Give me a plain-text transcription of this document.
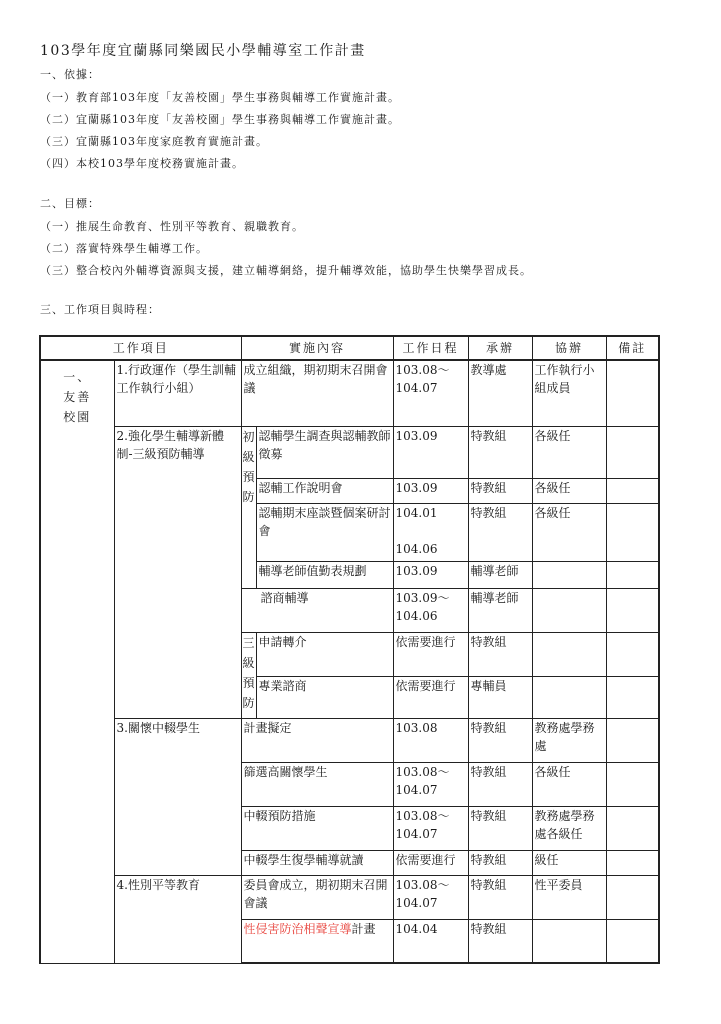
103學年度宜蘭縣同樂國民小學輔導室工作計畫
一、依據：
（一）教育部103年度「友善校園」學生事務與輔導工作實施計畫。
（二）宜蘭縣103年度「友善校園」學生事務與輔導工作實施計畫。
（三）宜蘭縣103年度家庭教育實施計畫。
（四）本校103學年度校務實施計畫。
二、目標：
（一）推展生命教育、性別平等教育、親職教育。
（二）落實特殊學生輔導工作。
（三）整合校內外輔導資源與支援，建立輔導網絡，提升輔導效能，協助學生快樂學習成長。
三、工作項目與時程：
工作項目		實施內容		工作日程	承辦	協辦	備註
一、
友善
校園	1.行政運作（學生訓輔工作執行小組）	成立組織，期初期末召開會議		103.08～
104.07	教導處	工作執行小組成員	
	2.強化學生輔導新體制-三級預防輔導	初
級
預
防	認輔學生調查與認輔教師徵募	103.09	特教組	各級任	
			認輔工作說明會	103.09	特教組	各級任	
			認輔期末座談暨個案研討會	104.01

104.06	特教組	各級任	
			輔導老師值勤表規劃	103.09	輔導老師		
		諮商輔導		103.09～
104.06	輔導老師		
		三
級
預
防	申請轉介	依需要進行	特教組		
			專業諮商	依需要進行	專輔員		
	3.關懷中輟學生	計畫擬定		103.08	特教組	教務處學務處	
		篩選高關懷學生		103.08～
104.07	特教組	各級任	
		中輟預防措施		103.08～
104.07	特教組	教務處學務處各級任	
		中輟學生復學輔導就讀		依需要進行	特教組	級任	
	4.性別平等教育	委員會成立，期初期末召開會議		103.08～
104.07	特教組	性平委員	
		性侵害防治相聲宣導計畫		104.04	特教組		
